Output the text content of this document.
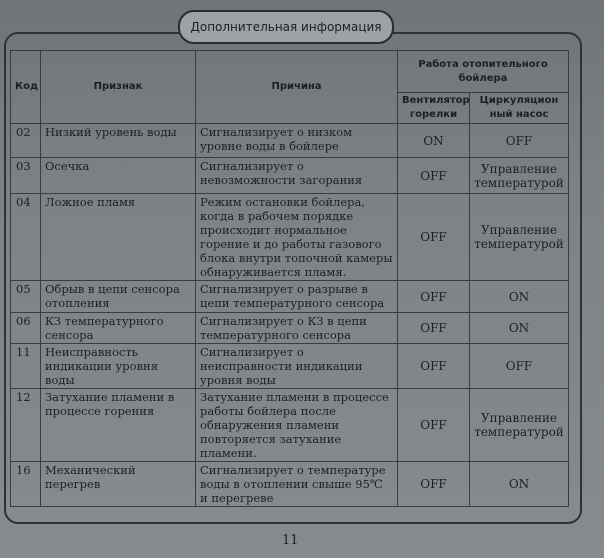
Дополнительная информация
Код	Признак	Причина	Работа отопительного бойлера	
			Вентилятор горелки	Циркуляцион ный насос
02	Низкий уровень воды	Сигнализирует о низком уровне воды в бойлере	ON	OFF
03	Осечка	Сигнализирует о невозможности загорания	OFF	Управление температурой
04	Ложное пламя	Режим остановки бойлера, когда в рабочем порядке происходит нормальное горение и до работы газового блока внутри топочной камеры обнаруживается пламя.	OFF	Управление температурой
05	Обрыв в цепи сенсора отопления	Сигнализирует о разрыве в цепи температурного сенсора	OFF	ON
06	КЗ температурного сенсора	Сигнализирует о КЗ в цепи температурного сенсора	OFF	ON
11	Неисправность индикации уровня воды	Сигнализирует о неисправности индикации уровня воды	OFF	OFF
12	Затухание пламени в процессе горения	Затухание пламени в процессе работы бойлера после обнаружения пламени повторяется затухание пламени.	OFF	Управление температурой
16	Механический перегрев	Сигнализирует о температуре воды в отоплении свыше 95℃ и перегреве	OFF	ON
11
